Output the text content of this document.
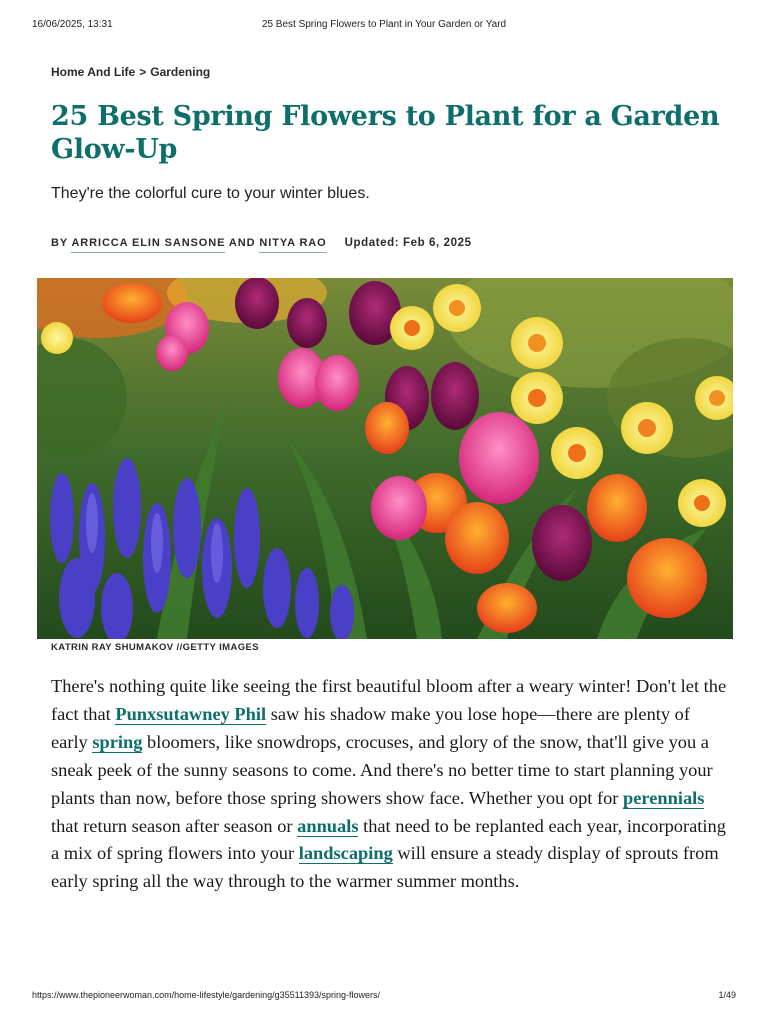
16/06/2025, 13:31	25 Best Spring Flowers to Plant in Your Garden or Yard
Home And Life > Gardening
25 Best Spring Flowers to Plant for a Garden Glow-Up
They're the colorful cure to your winter blues.
BY ARRICCA ELIN SANSONE AND NITYA RAO Updated: Feb 6, 2025
KATRIN RAY SHUMAKOV //GETTY IMAGES

There's nothing quite like seeing the first beautiful bloom after a weary winter! Don't let the fact that Punxsutawney Phil saw his shadow make you lose hope—there are plenty of early spring bloomers, like snowdrops, crocuses, and glory of the snow, that'll give you a sneak peek of the sunny seasons to come. And there's no better time to start planning your plants than now, before those spring showers show face. Whether you opt for perennials that return season after season or annuals that need to be replanted each year, incorporating a mix of spring flowers into your landscaping will ensure a steady display of sprouts from early spring all the way through to the warmer summer months.

https://www.thepioneerwoman.com/home-lifestyle/gardening/g35511393/spring-flowers/	1/49
